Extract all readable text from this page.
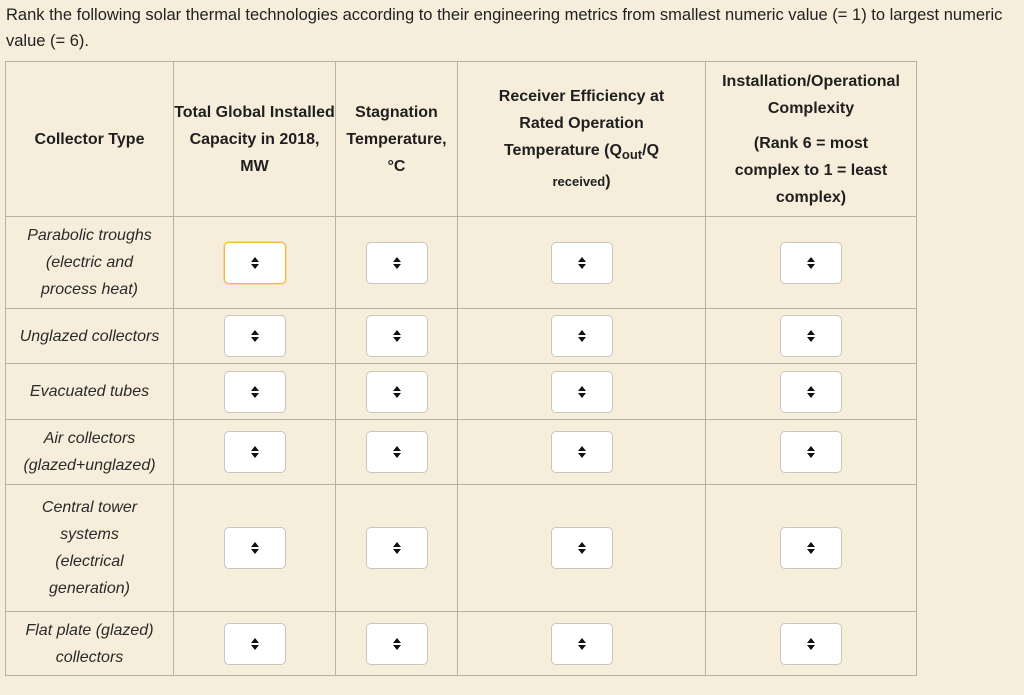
Rank the following solar thermal technologies according to their engineering metrics from smallest numeric value (= 1) to largest numeric value (= 6).
Collector Type	Total Global Installed Capacity in 2018, MW	Stagnation Temperature, °C	Receiver Efficiency at Rated Operation Temperature ($Q_{out}/Q$
received)	Installation/Operational Complexity
(Rank 6 = most complex to 1 = least complex)

Parabolic troughs
(electric and
process heat)				

Unglazed collectors				

Evacuated tubes				

Air collectors
(glazed+unglazed)				

Central tower
systems
(electrical
generation)				

Flat plate (glazed)
collectors				
